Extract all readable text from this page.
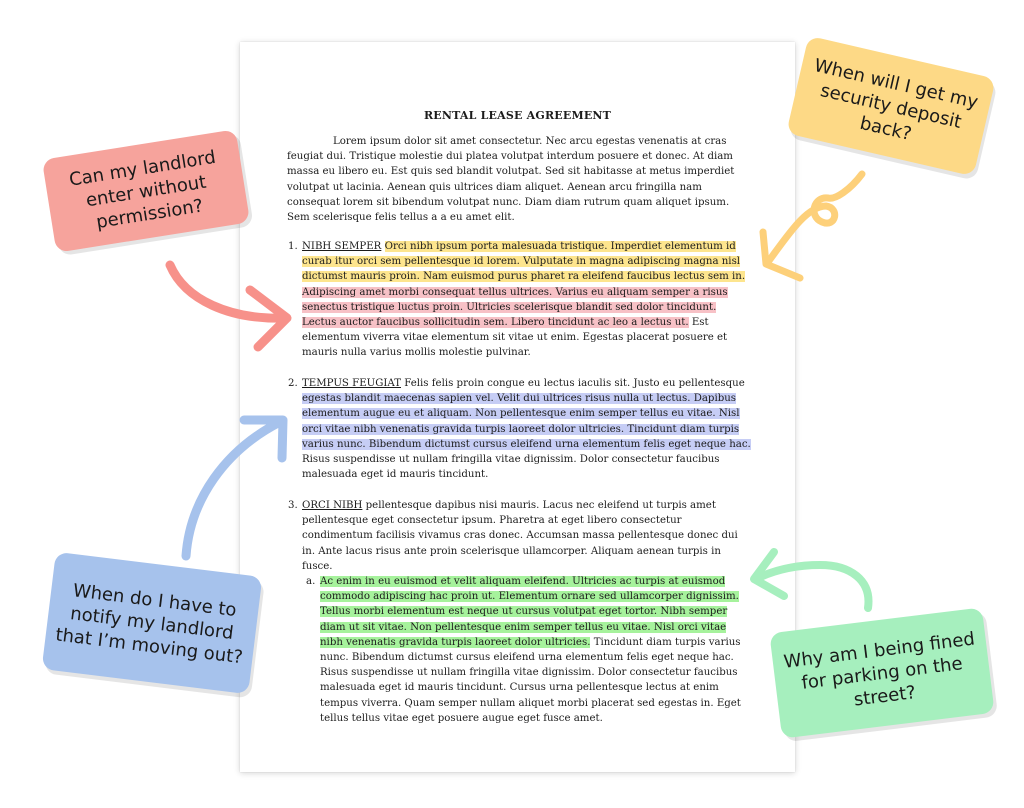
RENTAL LEASE AGREEMENT

Lorem ipsum dolor sit amet consectetur. Nec arcu egestas venenatis at cras feugiat dui. Tristique molestie dui platea volutpat interdum posuere et donec. At diam massa eu libero eu. Est quis sed blandit volutpat. Sed sit habitasse at metus imperdiet volutpat ut lacinia. Aenean quis ultrices diam aliquet. Aenean arcu fringilla nam consequat lorem sit bibendum volutpat nunc. Diam diam rutrum quam aliquet ipsum. Sem scelerisque felis tellus a a eu amet elit.

1. NIBH SEMPER Orci nibh ipsum porta malesuada tristique. Imperdiet elementum id curab itur orci sem pellentesque id lorem. Vulputate in magna adipiscing magna nisl dictumst mauris proin. Nam euismod purus pharet ra eleifend faucibus lectus sem in. Adipiscing amet morbi consequat tellus ultrices. Varius eu aliquam semper a risus senectus tristique luctus proin. Ultricies scelerisque blandit sed dolor tincidunt. Lectus auctor faucibus sollicitudin sem. Libero tincidunt ac leo a lectus ut. Est elementum viverra vitae elementum sit vitae ut enim. Egestas placerat posuere et mauris nulla varius mollis molestie pulvinar.

2. TEMPUS FEUGIAT Felis felis proin congue eu lectus iaculis sit. Justo eu pellentesque egestas blandit maecenas sapien vel. Velit dui ultrices risus nulla ut lectus. Dapibus elementum augue eu et aliquam. Non pellentesque enim semper tellus eu vitae. Nisl orci vitae nibh venenatis gravida turpis laoreet dolor ultricies. Tincidunt diam turpis varius nunc. Bibendum dictumst cursus eleifend urna elementum felis eget neque hac. Risus suspendisse ut nullam fringilla vitae dignissim. Dolor consectetur faucibus malesuada eget id mauris tincidunt.

3. ORCI NIBH pellentesque dapibus nisi mauris. Lacus nec eleifend ut turpis amet pellentesque eget consectetur ipsum. Pharetra at eget libero consectetur condimentum facilisis vivamus cras donec. Accumsan massa pellentesque donec dui in. Ante lacus risus ante proin scelerisque ullamcorper. Aliquam aenean turpis in fusce.

a. Ac enim in eu euismod et velit aliquam eleifend. Ultricies ac turpis at euismod commodo adipiscing hac proin ut. Elementum ornare sed ullamcorper dignissim. Tellus morbi elementum est neque ut cursus volutpat eget tortor. Nibh semper diam ut sit vitae. Non pellentesque enim semper tellus eu vitae. Nisl orci vitae nibh venenatis gravida turpis laoreet dolor ultricies. Tincidunt diam turpis varius nunc. Bibendum dictumst cursus eleifend urna elementum felis eget neque hac. Risus suspendisse ut nullam fringilla vitae dignissim. Dolor consectetur faucibus malesuada eget id mauris tincidunt. Cursus urna pellentesque lectus at enim tempus viverra. Quam semper nullam aliquet morbi placerat sed egestas in. Eget tellus tellus vitae eget posuere augue eget fusce amet.

Can my landlord enter without permission?
When will I get my security deposit back?
When do I have to notify my landlord that I’m moving out?	Why am I being fined for parking on the street?
